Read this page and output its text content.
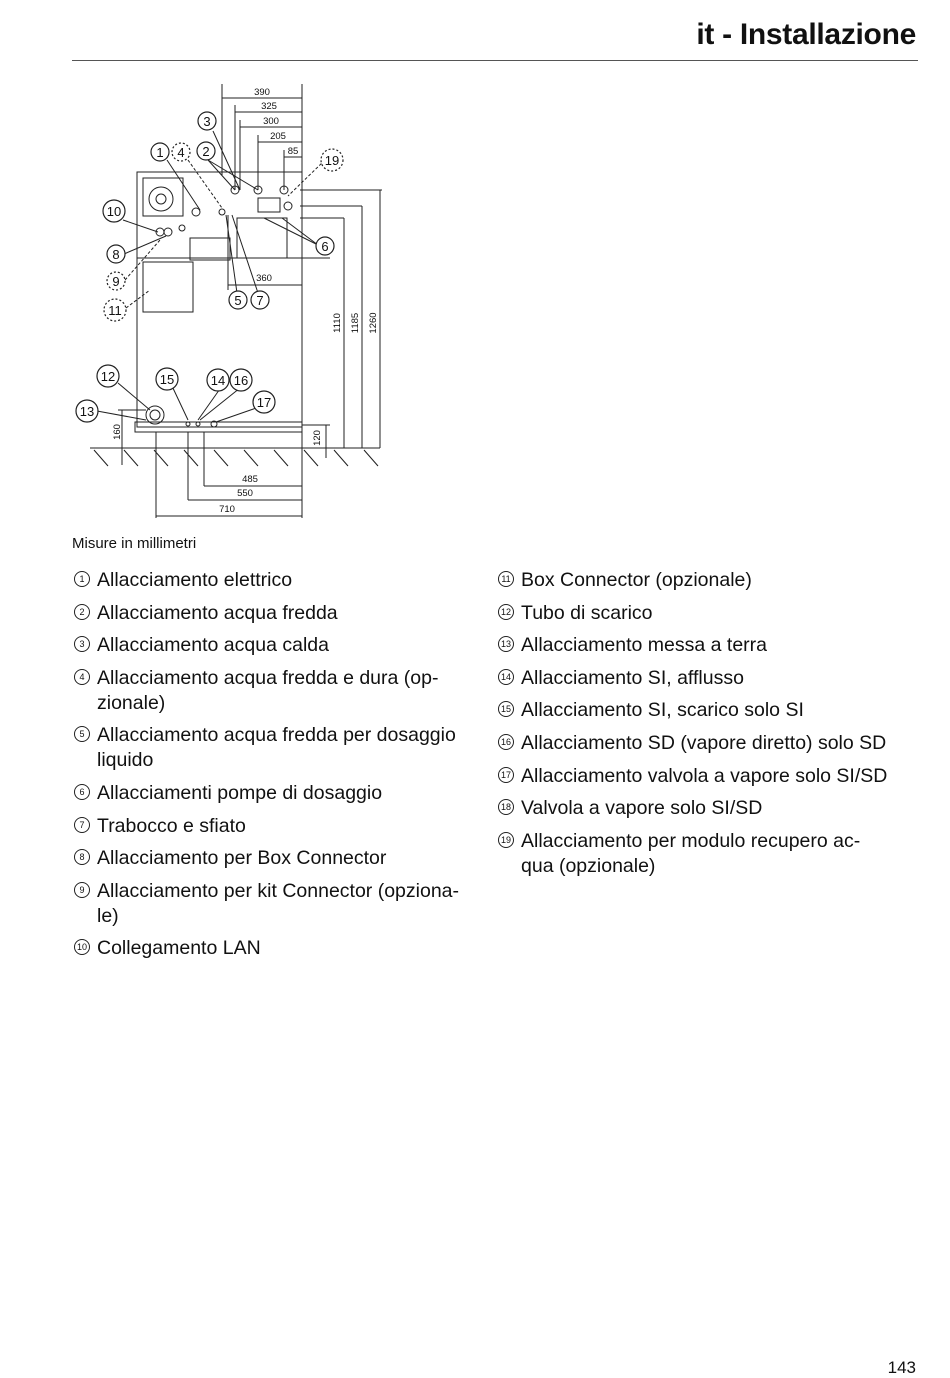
it - Installazione
1 4 2
3
19
10
8
9
11
6
5 7
12	15	14 16
17
13
390
325
300
205
85
360
485
550
710
1110 1185 1260
160	120
Misure in millimetri
1 Allacciamento elettrico
2 Allacciamento acqua fredda
3 Allacciamento acqua calda
4 Allacciamento acqua fredda e dura (op-
zionale)
5 Allacciamento acqua fredda per dosaggio
liquido
6 Allacciamenti pompe di dosaggio
7 Trabocco e sfiato
8 Allacciamento per Box Connector
9 Allacciamento per kit Connector (opziona-
le)
10 Collegamento LAN
11 Box Connector (opzionale)
12 Tubo di scarico
13 Allacciamento messa a terra
14 Allacciamento SI, afflusso
15 Allacciamento SI, scarico solo SI
16 Allacciamento SD (vapore diretto) solo SD
17 Allacciamento valvola a vapore solo SI/SD
18 Valvola a vapore solo SI/SD
19 Allacciamento per modulo recupero ac-
qua (opzionale)
143
